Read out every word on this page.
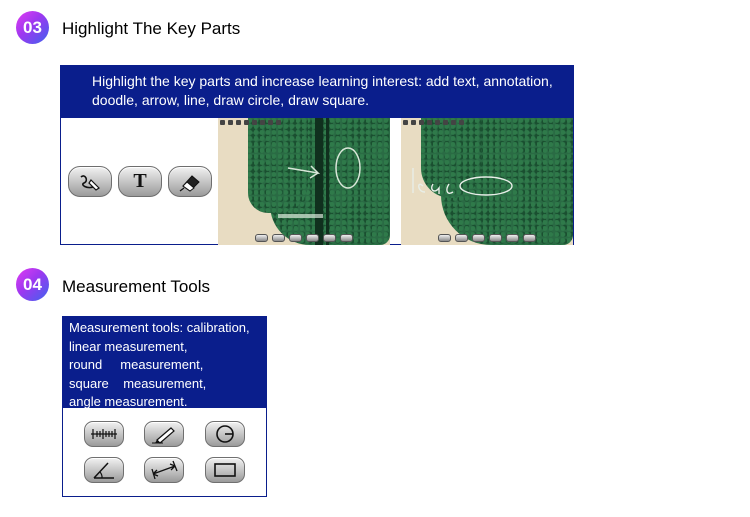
03	Highlight The Key Parts
Highlight the key parts and increase learning interest: add text, annotation, doodle, arrow, line, draw circle, draw square.
T
04	Measurement Tools
Measurement tools: calibration,
linear measurement,
round     measurement,
square    measurement,
angle measurement.
